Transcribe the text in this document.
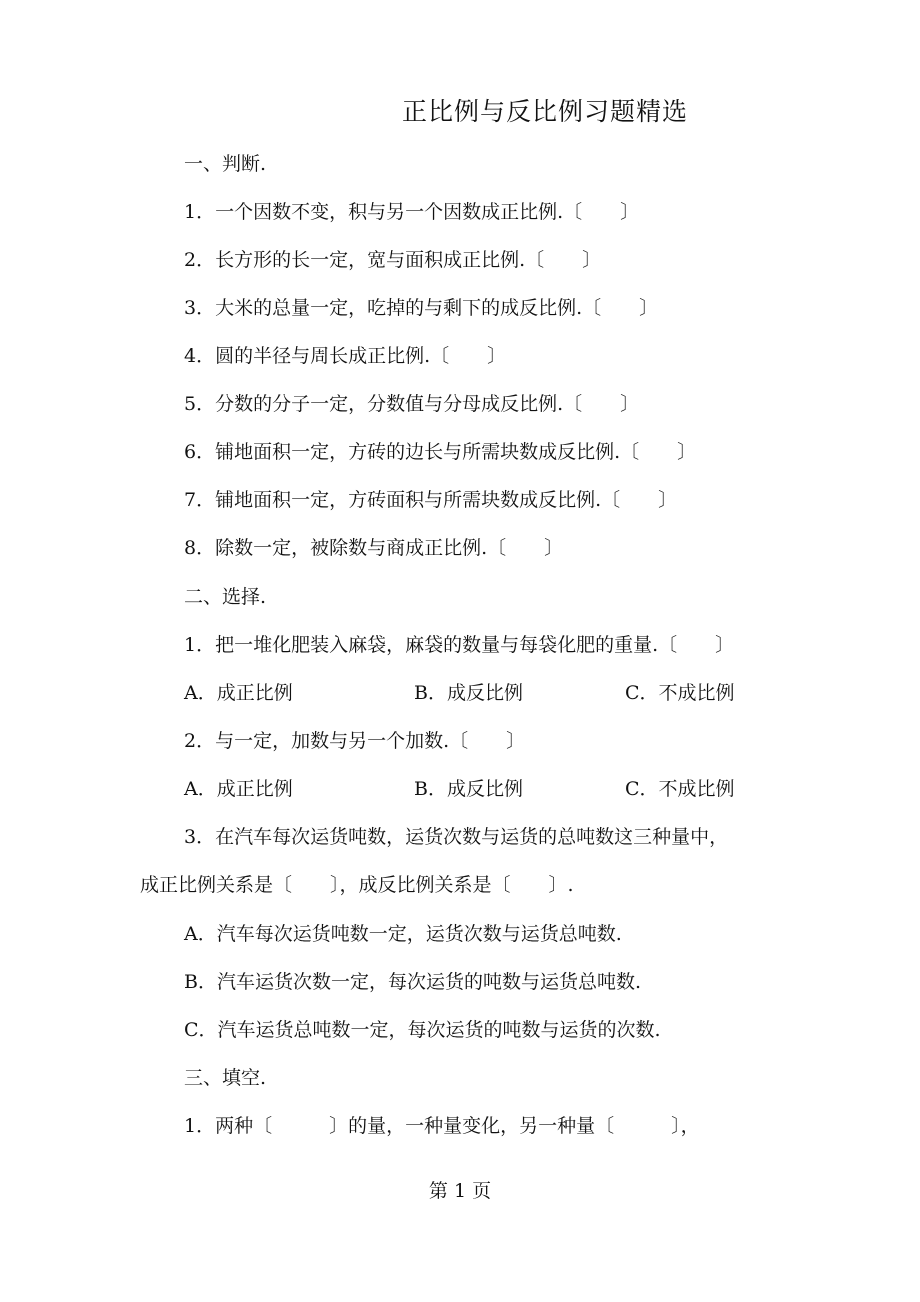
正比例与反比例习题精选
一、判断.
1．一个因数不变，积与另一个因数成正比例.〔　　〕
2．长方形的长一定，宽与面积成正比例.〔　　〕
3．大米的总量一定，吃掉的与剩下的成反比例.〔　　〕
4．圆的半径与周长成正比例.〔　　〕
5．分数的分子一定，分数值与分母成反比例.〔　　〕
6．铺地面积一定，方砖的边长与所需块数成反比例.〔　　〕
7．铺地面积一定，方砖面积与所需块数成反比例.〔　　〕
8．除数一定，被除数与商成正比例.〔　　〕
二、选择.
1．把一堆化肥装入麻袋，麻袋的数量与每袋化肥的重量.〔　　〕
A．成正比例	B．成反比例	C．不成比例
2．与一定，加数与另一个加数.〔　　〕
A．成正比例	B．成反比例	C．不成比例
3．在汽车每次运货吨数，运货次数与运货的总吨数这三种量中，
成正比例关系是〔　　〕，成反比例关系是〔　　〕.
A．汽车每次运货吨数一定，运货次数与运货总吨数.
B．汽车运货次数一定，每次运货的吨数与运货总吨数.
C．汽车运货总吨数一定，每次运货的吨数与运货的次数.
三、填空.
1．两种〔　　　〕的量，一种量变化，另一种量〔　　　〕，
第 1 页
